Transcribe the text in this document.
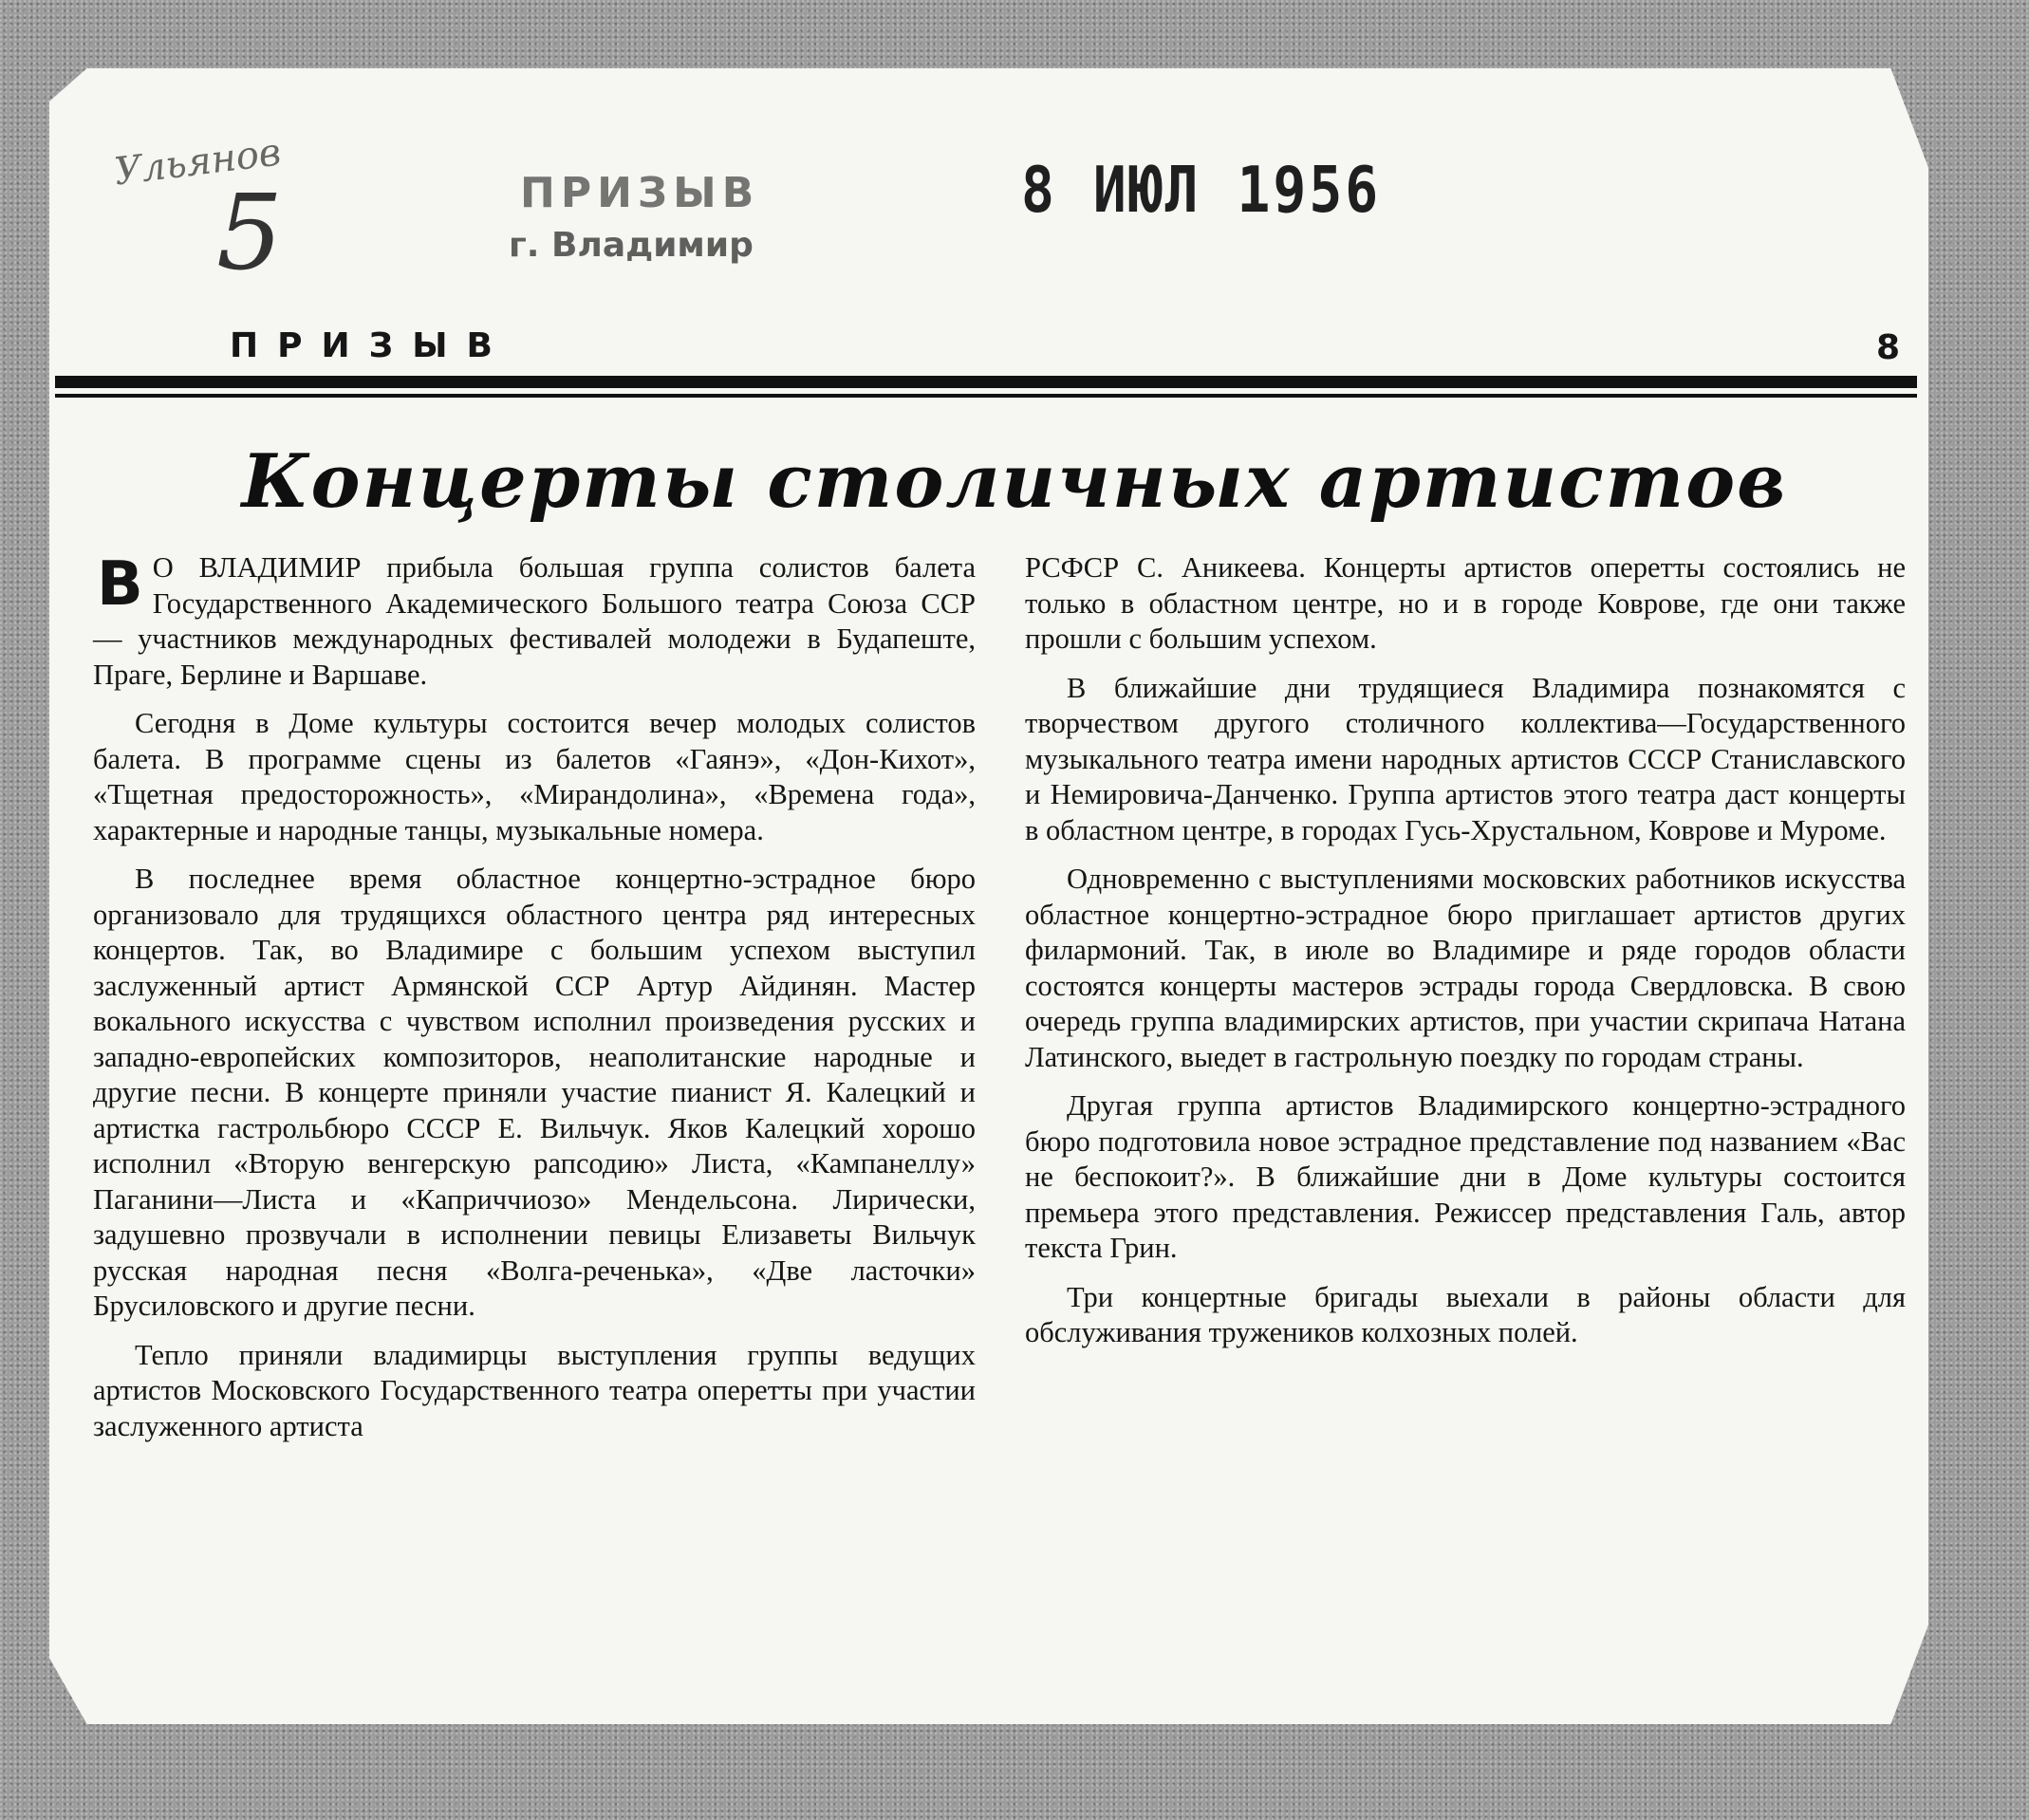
Ульянов
5	ПРИЗЫВ
г. Владимир
8 ИЮЛ 1956
ПРИЗЫВ	8
Концерты столичных артистов

В О ВЛАДИМИР прибыла большая группа солистов балета Государственного Академического Большого театра Союза ССР — участников международных фестивалей молодежи в Будапеште, Праге, Берлине и Варшаве.

Сегодня в Доме культуры состоится вечер молодых солистов балета. В программе сцены из балетов «Гаянэ», «Дон-Кихот», «Тщетная предосторожность», «Мирандолина», «Времена года», характерные и народные танцы, музыкальные номера.

В последнее время областное концертно-эстрадное бюро организовало для трудящихся областного центра ряд интересных концертов. Так, во Владимире с большим успехом выступил заслуженный артист Армянской ССР Артур Айдинян. Мастер вокального искусства с чувством исполнил произведения русских и западно-европейских композиторов, неаполитанские народные и другие песни. В концерте приняли участие пианист Я. Калецкий и артистка гастрольбюро СССР Е. Вильчук. Яков Калецкий хорошо исполнил «Вторую венгерскую рапсодию» Листа, «Кампанеллу» Паганини—Листа и «Каприччиозо» Мендельсона. Лирически, задушевно прозвучали в исполнении певицы Елизаветы Вильчук русская народная песня «Волга-реченька», «Две ласточки» Брусиловского и другие песни.

Тепло приняли владимирцы выступления группы ведущих артистов Московского Государственного театра оперетты при участии заслуженного артиста

РСФСР С. Аникеева. Концерты артистов оперетты состоялись не только в областном центре, но и в городе Коврове, где они также прошли с большим успехом.

В ближайшие дни трудящиеся Владимира познакомятся с творчеством другого столичного коллектива—Государственного музыкального театра имени народных артистов СССР Станиславского и Немировича-Данченко. Группа артистов этого театра даст концерты в областном центре, в городах Гусь-Хрустальном, Коврове и Муроме.

Одновременно с выступлениями московских работников искусства областное концертно-эстрадное бюро приглашает артистов других филармоний. Так, в июле во Владимире и ряде городов области состоятся концерты мастеров эстрады города Свердловска. В свою очередь группа владимирских артистов, при участии скрипача Натана Латинского, выедет в гастрольную поездку по городам страны.

Другая группа артистов Владимирского концертно-эстрадного бюро подготовила новое эстрадное представление под названием «Вас не беспокоит?». В ближайшие дни в Доме культуры состоится премьера этого представления. Режиссер представления Галь, автор текста Грин.

Три концертные бригады выехали в районы области для обслуживания тружеников колхозных полей.
